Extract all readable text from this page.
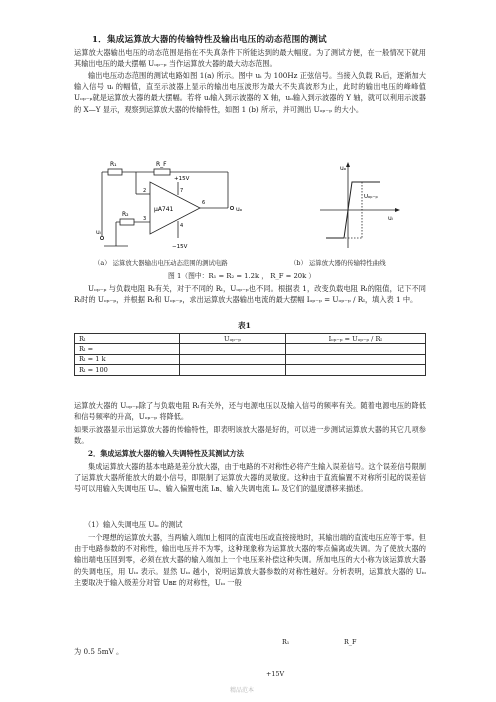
1．集成运算放大器的传输特性及输出电压的动态范围的测试

运算放大器输出电压的动态范围是指在不失真条件下所能达到的最大幅度。为了测试方便，在一般情况下就用其输出电压的最大摆幅 Uₒₚ₋ₚ 当作运算放大器的最大动态范围。

输出电压动态范围的测试电路如图 1(a) 所示。图中 uᵢ 为 100Hz 正弦信号。当接入负载 Rₗ后，逐渐加大输入信号 uᵢ 的幅值，直至示波器上显示的输出电压波形为最大不失真波形为止，此时的输出电压的峰峰值 Uₒₚ₋ₚ就是运算放大器的最大摆幅。若将 uᵢ输入到示波器的 X 轴，uₒ输入到示波器的 Y 轴，就可以利用示波器的 X—Y 显示，观察到运算放大器的传输特性，如图 1 (b) 所示，并可测出 Uₒₚ₋ₚ 的大小。

R₁	R_F
+15V
−15V
μA741
2
3
4
6
7
R₂
uᵢ
uₒ
uₒ
uᵢ
Uₒₚ₋ₚ
（a） 运算放大器输出电压动态范围的测试电路	（b） 运算放大器的传输特性曲线
图 1（图中：R₁ = R₂ = 1.2k ， R_F = 20k ）

Uₒₚ₋ₚ 与负载电阻 Rₗ有关，对于不同的 Rₗ，Uₒₚ₋ₚ也不同。根据表 1，改变负载电阻 Rₗ的阻值，记下不同 Rₗ时的 Uₒₚ₋ₚ，并根据 Rₗ和 Uₒₚ₋ₚ，求出运算放大器输出电流的最大摆幅 Iₒₚ₋ₚ = Uₒₚ₋ₚ / Rₗ，填入表 1 中。

表1
Rₗ	Uₒₚ₋ₚ	Iₒₚ₋ₚ = Uₒₚ₋ₚ / Rₗ
Rₗ =		
Rₗ = 1 k		
Rₗ = 100		

运算放大器的 Uₒₚ₋ₚ除了与负载电阻 Rₗ有关外，还与电源电压以及输入信号的频率有关。随着电源电压的降低和信号频率的升高，Uₒₚ₋ₚ 将降低。

如果示波器显示出运算放大器的传输特性，即表明该放大器是好的，可以进一步测试运算放大器的其它几项参数。

2．集成运算放大器的输入失调特性及其测试方法

集成运算放大器的基本电路是差分放大器，由于电路的不对称性必将产生输入误差信号。这个误差信号限制了运算放大器所能放大的最小信号，即限制了运算放大器的灵敏度。这种由于直流偏置不对称所引起的误差信号可以用输入失调电压 Uᵢₒ、输入偏置电流 Iᵢʙ、输入失调电流 Iᵢₒ 及它们的温度漂移来描述。

（1）输入失调电压 Uᵢₒ 的测试

一个理想的运算放大器，当两输入端加上相同的直流电压或直接接地时，其输出端的直流电压应等于零。但由于电路参数的不对称性，输出电压并不为零，这种现象称为运算放大器的零点偏离或失调。为了使放大器的输出端电压回到零，必须在放大器的输入端加上一个电压来补偿这种失调。所加电压的大小称为该运算放大器的失调电压，用 Uᵢₒ 表示。显然 Uᵢₒ 越小，说明运算放大器参数的对称性越好。分析表明，运算放大器的 Uᵢₒ 主要取决于输入级差分对管 Uʙᴇ 的对称性，Uᵢₒ 一般

为 0.5 5mV 。
R₁	R_F
+15V
精品范本
